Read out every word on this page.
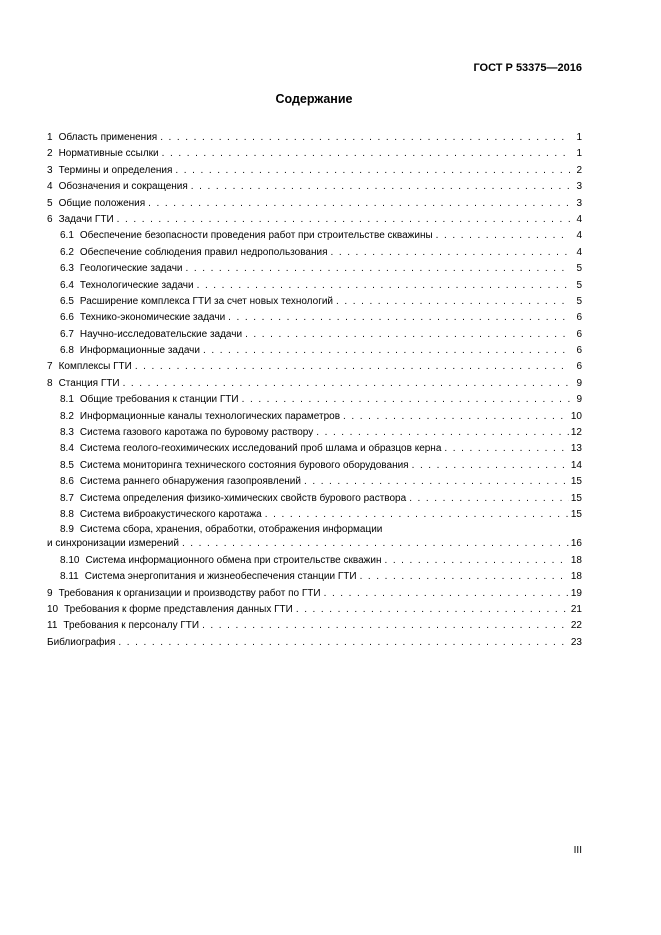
ГОСТ Р 53375—2016
Содержание
1 Область применения . . .	1
2 Нормативные ссылки . . .	1
3 Термины и определения . . .	2
4 Обозначения и сокращения . . .	3
5 Общие положения . . .	3
6 Задачи ГТИ . . .	4
6.1 Обеспечение безопасности проведения работ при строительстве скважины . . .	4
6.2 Обеспечение соблюдения правил недропользования . . .	4
6.3 Геологические задачи . . .	5
6.4 Технологические задачи . . .	5
6.5 Расширение комплекса ГТИ за счет новых технологий . . .	5
6.6 Технико-экономические задачи . . .	6
6.7 Научно-исследовательские задачи . . .	6
6.8 Информационные задачи . . .	6
7 Комплексы ГТИ . . .	6
8 Станция ГТИ . . .	9
8.1 Общие требования к станции ГТИ . . .	9
8.2 Информационные каналы технологических параметров . . .	10
8.3 Система газового каротажа по буровому раствору . . .	12
8.4 Система геолого-геохимических исследований проб шлама и образцов керна . . .	13
8.5 Система мониторинга технического состояния бурового оборудования . . .	14
8.6 Система раннего обнаружения газопроявлений . . .	15
8.7 Система определения физико-химических свойств бурового раствора . . .	15
8.8 Система виброакустического каротажа . . .	15
8.9 Система сбора, хранения, обработки, отображения информации
и синхронизации измерений . . .	16
8.10 Система информационного обмена при строительстве скважин . . .	18
8.11 Система энергопитания и жизнеобеспечения станции ГТИ . . .	18
9 Требования к организации и производству работ по ГТИ . . .	19
10 Требования к форме представления данных ГТИ . . .	21
11 Требования к персоналу ГТИ . . .	22
Библиография . . .	23
III
